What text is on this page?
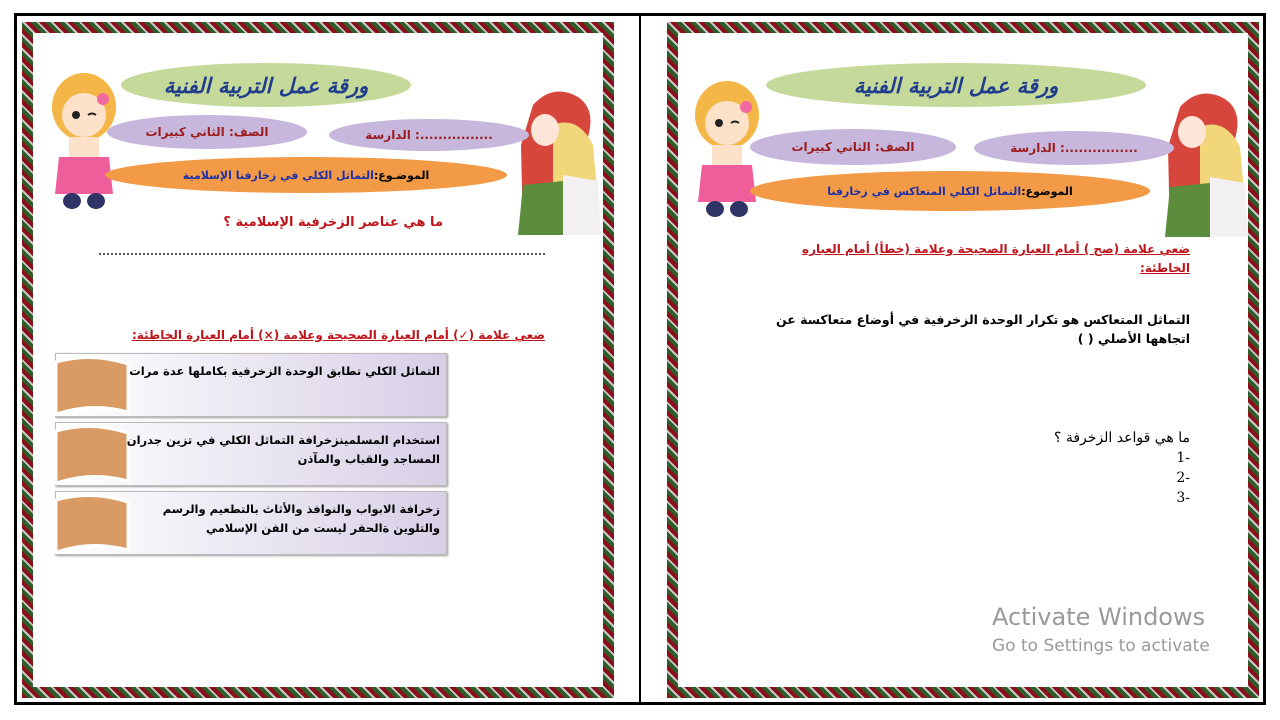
ورقة عمل التربية الفنية
الدارسة :................
الصف: الثاني كبيرات
الموضـوع:
التماثل الكلي في زخارفنا الإسلامية
ما هي عناصر الزخرفية الإسلامية ؟
ضعي علامة (✓) أمام العبارة الصحيحة وعلامة (×) أمام العبارة الخاطئة:
التماثل الكلي تطابق الوحدة الزخرفية بكاملها عدة مرات
استخدام المسلمينزخرافة التماثل الكلي في تزين جدران المساجد والقباب والمآذن
زخرافة الابواب والنوافذ والأثاث بالتطعيم والرسم والتلوين ةالحفر ليست من الفن الإسلامي
ورقة عمل التربية الفنية
الدارسة :................
الصف: الثاني كبيرات
الموضوع:
التماثل الكلي المتعاكس في زخارفنا
ضعي علامة (صح ) أمام العبارة الصحيحة وعلامة (خطأ) أمام العباره الخاطئة:
التماثل المتعاكس هو تكرار الوحدة الزخرفية في أوضاع متعاكسة عن
اتجاهها الأصلي ( )
ما هي قواعد الزخرفة ؟
-1
-2
-3
Activate Windows
Go to Settings to activate
